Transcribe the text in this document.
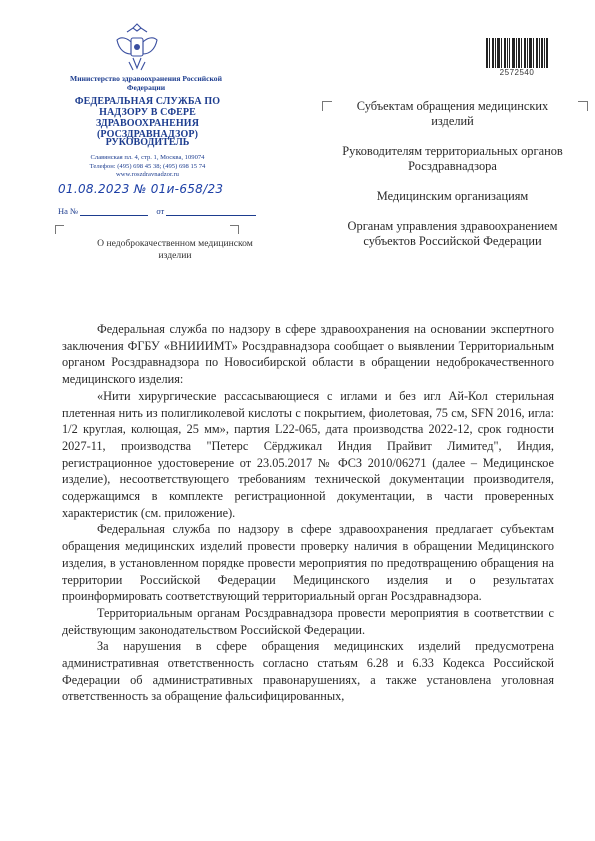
Министерство здравоохранения Российской Федерации
ФЕДЕРАЛЬНАЯ СЛУЖБА ПО НАДЗОРУ В СФЕРЕ ЗДРАВООХРАНЕНИЯ (РОСЗДРАВНАДЗОР)
РУКОВОДИТЕЛЬ
Славянская пл. 4, стр. 1, Москва, 109074
Телефон: (495) 698 45 38; (495) 698 15 74
www.roszdravnadzor.ru
01.08.2023 № 01и-658/23
На №	от
О недоброкачественном медицинском изделии
2572540

Субъектам обращения медицинских изделий

Руководителям территориальных органов Росздравнадзора

Медицинским организациям

Органам управления здравоохранением субъектов Российской Федерации

Федеральная служба по надзору в сфере здравоохранения на основании экспертного заключения ФГБУ «ВНИИИМТ» Росздравнадзора сообщает о выявлении Территориальным органом Росздравнадзора по Новосибирской области в обращении недоброкачественного медицинского изделия:

«Нити хирургические рассасывающиеся с иглами и без игл Ай-Кол стерильная плетенная нить из полигликолевой кислоты с покрытием, фиолетовая, 75 см, SFN 2016, игла: 1/2 круглая, колющая, 25 мм», партия L22-065, дата производства 2022-12, срок годности 2027-11, производства "Петерс Сёрджикал Индия Прайвит Лимитед", Индия, регистрационное удостоверение от 23.05.2017 № ФСЗ 2010/06271 (далее – Медицинское изделие), несоответствующего требованиям технической документации производителя, содержащимся в комплекте регистрационной документации, в части проверенных характеристик (см. приложение).

Федеральная служба по надзору в сфере здравоохранения предлагает субъектам обращения медицинских изделий провести проверку наличия в обращении Медицинского изделия, в установленном порядке провести мероприятия по предотвращению обращения на территории Российской Федерации Медицинского изделия и о результатах проинформировать соответствующий территориальный орган Росздравнадзора.

Территориальным органам Росздравнадзора провести мероприятия в соответствии с действующим законодательством Российской Федерации.

За нарушения в сфере обращения медицинских изделий предусмотрена административная ответственность согласно статьям 6.28 и 6.33 Кодекса Российской Федерации об административных правонарушениях, а также установлена уголовная ответственность за обращение фальсифицированных,
